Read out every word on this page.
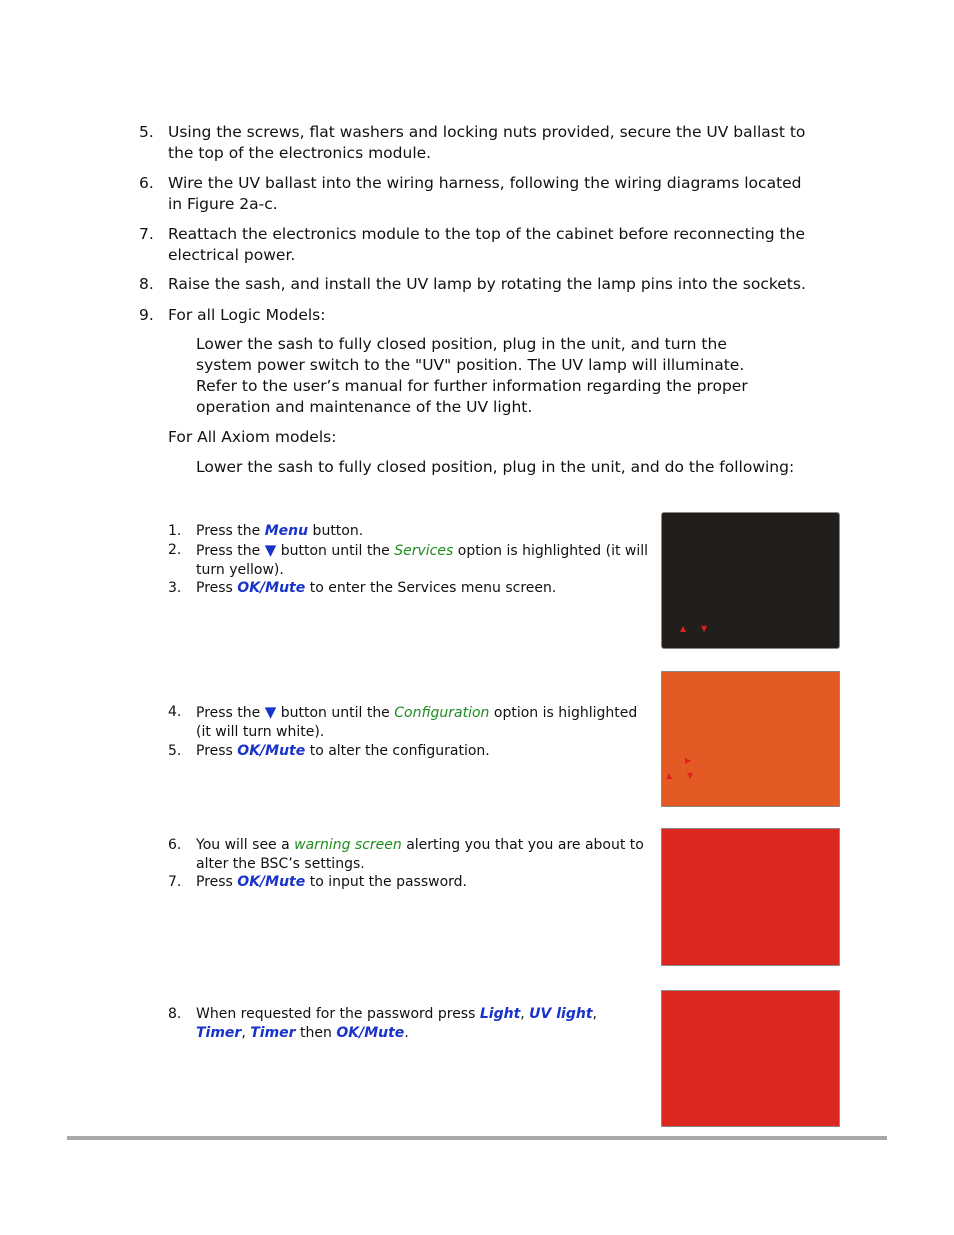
5. Using the screws, flat washers and locking nuts provided, secure the UV ballast to the top of the electronics module.
6. Wire the UV ballast into the wiring harness, following the wiring diagrams located in Figure 2a-c.
7. Reattach the electronics module to the top of the cabinet before reconnecting the electrical power.
8. Raise the sash, and install the UV lamp by rotating the lamp pins into the sockets.
9. For all Logic Models:
Lower the sash to fully closed position, plug in the unit, and turn the system power switch to the "UV" position. The UV lamp will illuminate. Refer to the user’s manual for further information regarding the proper operation and maintenance of the UV light.
For All Axiom models:
Lower the sash to fully closed position, plug in the unit, and do the following:
1. Press the Menu button.
2. Press the ▼ button until the Services option is highlighted (it will turn yellow).
3. Press OK/Mute to enter the Services menu screen.
4. Press the ▼ button until the Configuration option is highlighted (it will turn white).
5. Press OK/Mute to alter the configuration.
6. You will see a warning screen alerting you that you are about to alter the BSC’s settings.
7. Press OK/Mute to input the password.
8. When requested for the password press Light, UV light,
Timer, Timer then OK/Mute.
▲ ▼
▶
▲ ▼
